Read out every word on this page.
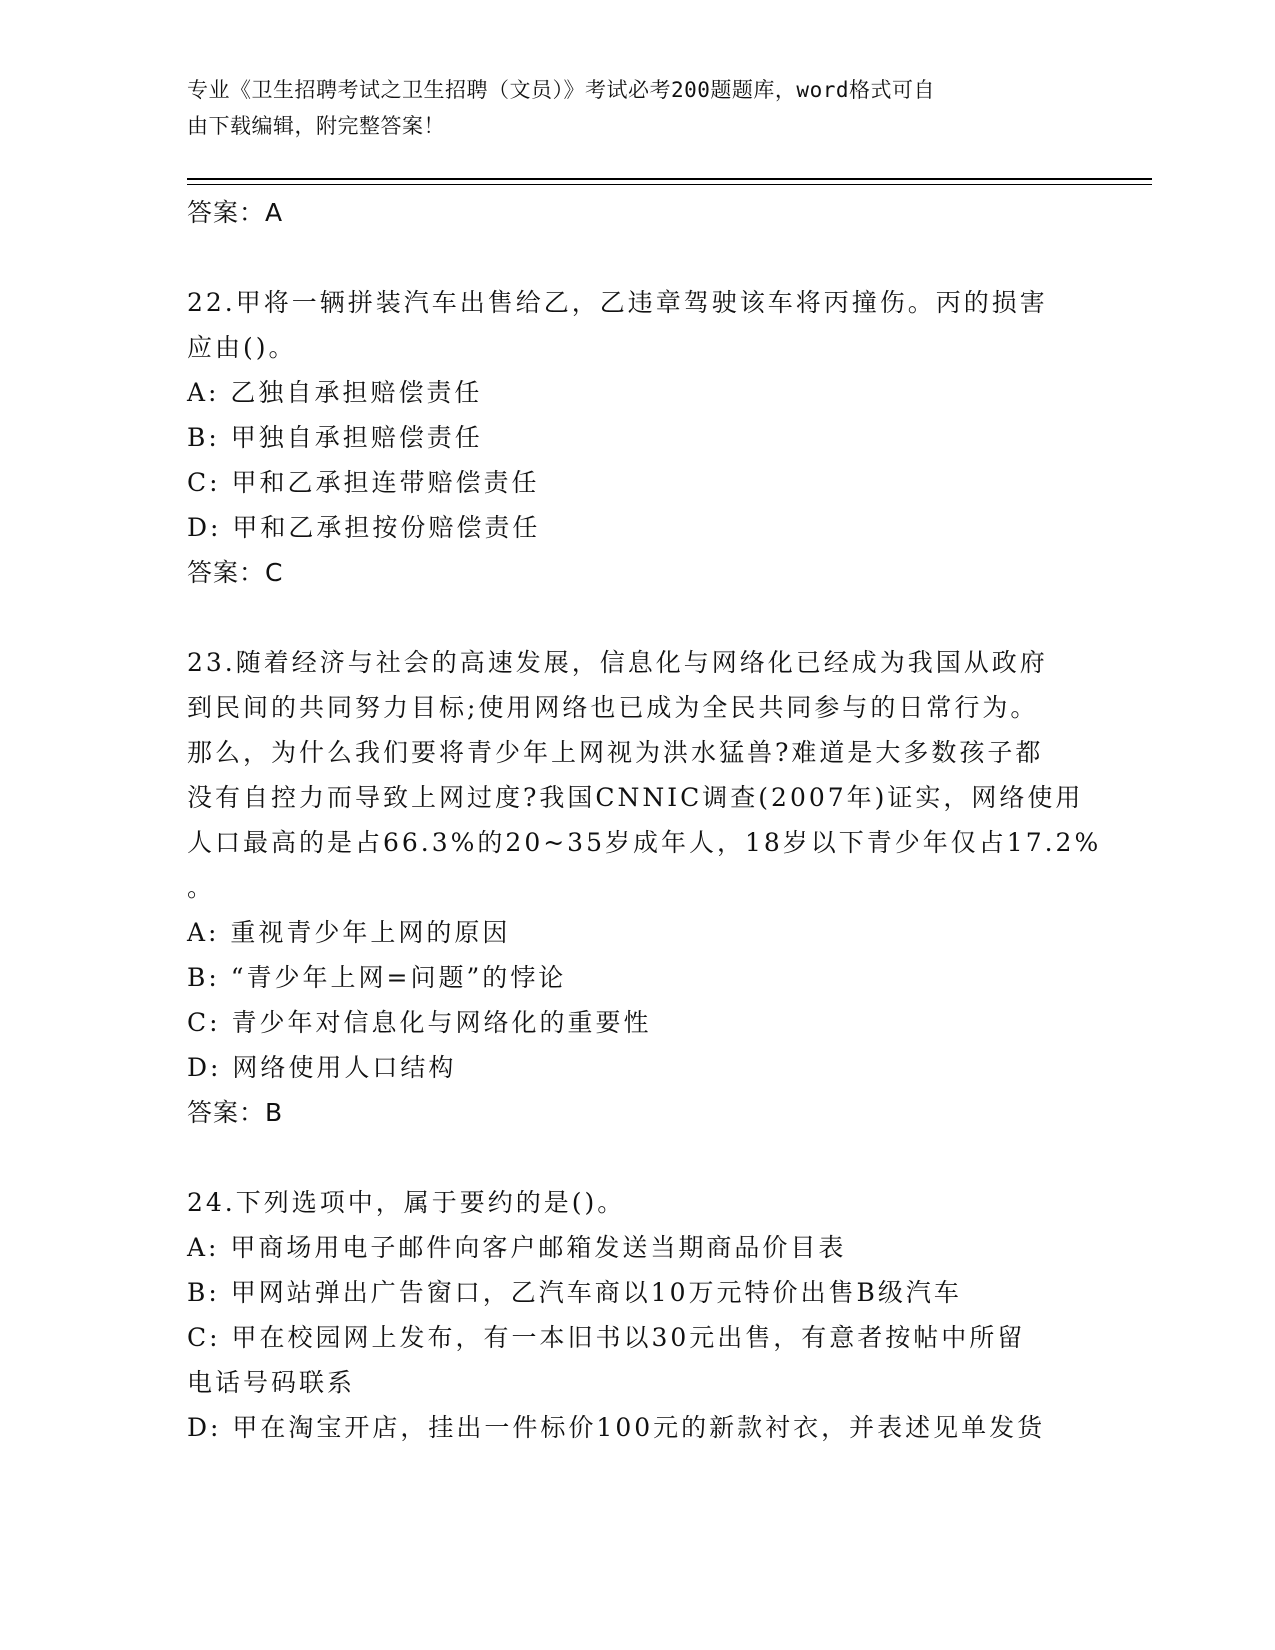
专业《卫生招聘考试之卫生招聘（文员）》考试必考200题题库，word格式可自
由下载编辑，附完整答案！
答案：A
22.甲将一辆拼装汽车出售给乙，乙违章驾驶该车将丙撞伤。丙的损害
应由()。
A: 乙独自承担赔偿责任
B: 甲独自承担赔偿责任
C: 甲和乙承担连带赔偿责任
D: 甲和乙承担按份赔偿责任
答案：C
23.随着经济与社会的高速发展，信息化与网络化已经成为我国从政府
到民间的共同努力目标;使用网络也已成为全民共同参与的日常行为。
那么，为什么我们要将青少年上网视为洪水猛兽?难道是大多数孩子都
没有自控力而导致上网过度?我国CNNIC调查(2007年)证实，网络使用
人口最高的是占66.3%的20~35岁成年人，18岁以下青少年仅占17.2%
。
A: 重视青少年上网的原因
B: “青少年上网=问题”的悖论
C: 青少年对信息化与网络化的重要性
D: 网络使用人口结构
答案：B
24.下列选项中，属于要约的是()。
A: 甲商场用电子邮件向客户邮箱发送当期商品价目表
B: 甲网站弹出广告窗口，乙汽车商以10万元特价出售B级汽车
C: 甲在校园网上发布，有一本旧书以30元出售，有意者按帖中所留
电话号码联系
D: 甲在淘宝开店，挂出一件标价100元的新款衬衣，并表述见单发货
